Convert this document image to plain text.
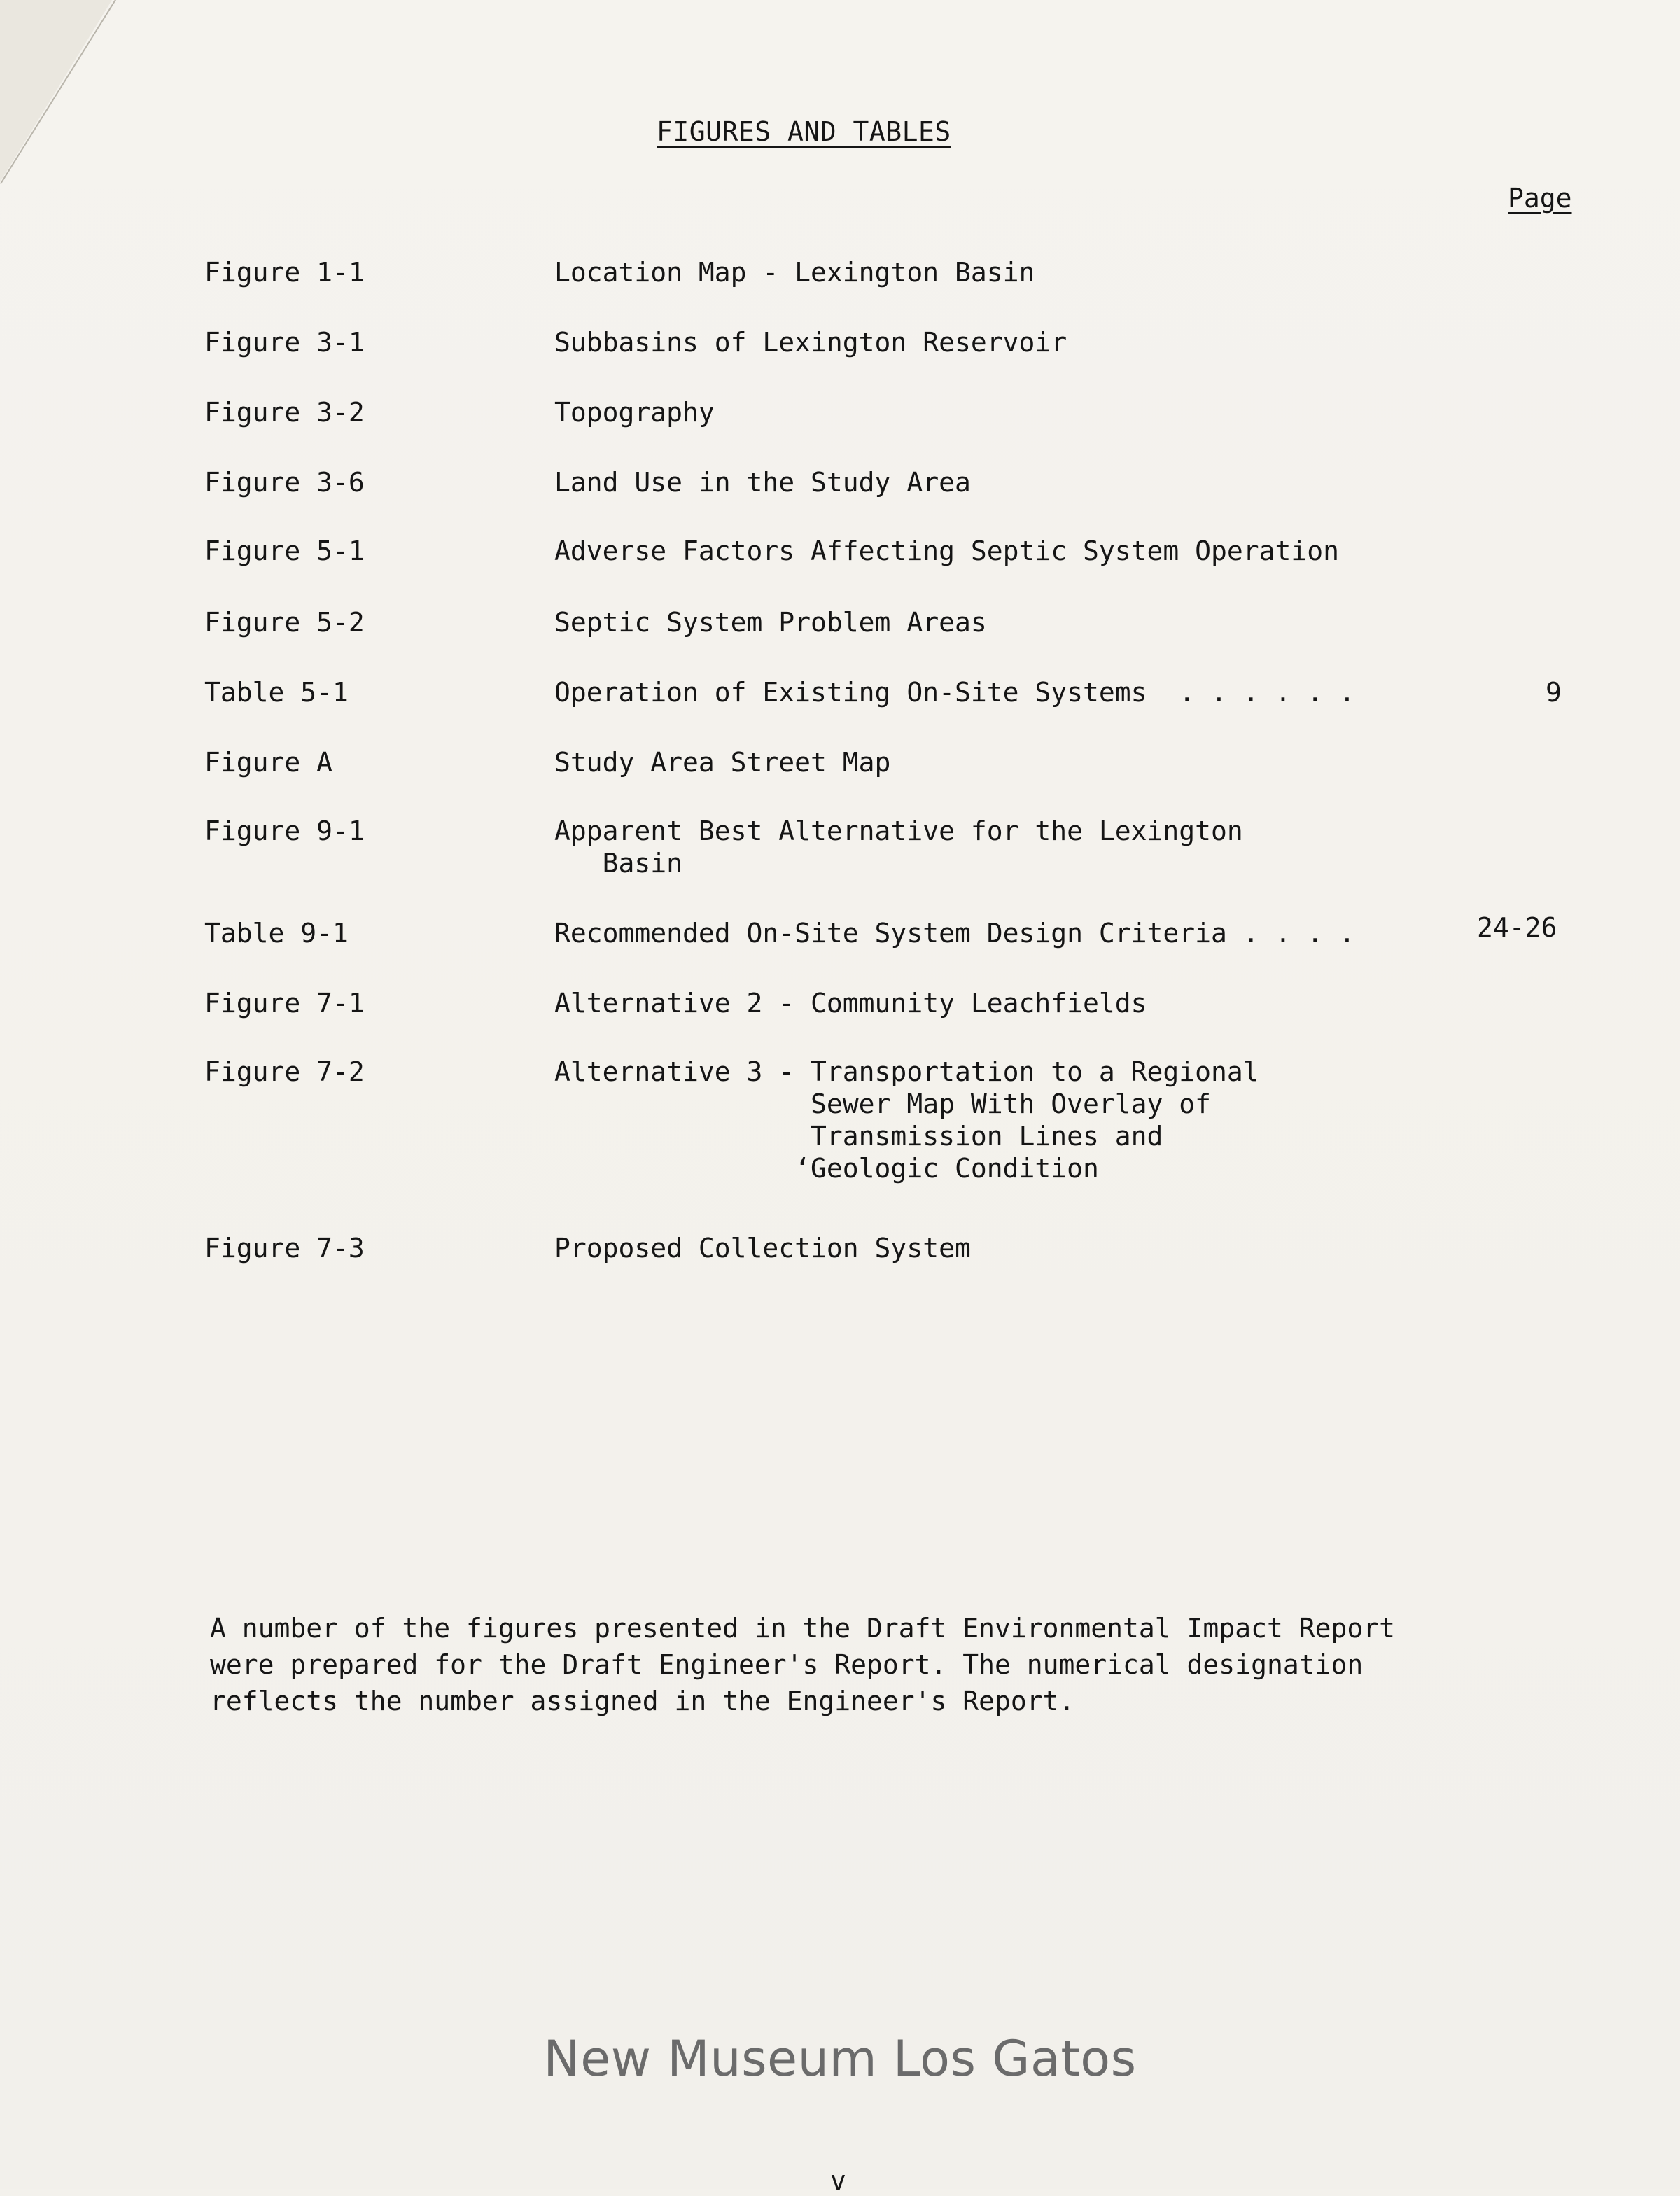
FIGURES AND TABLES
Page
Figure 1-1	Location Map - Lexington Basin
Figure 3-1	Subbasins of Lexington Reservoir
Figure 3-2	Topography
Figure 3-6	Land Use in the Study Area
Figure 5-1	Adverse Factors Affecting Septic System Operation
Figure 5-2	Septic System Problem Areas
Table 5-1	Operation of Existing On-Site Systems  . . . . . .	9
Figure A	Study Area Street Map
Figure 9-1	Apparent Best Alternative for the Lexington
Basin
Table 9-1	Recommended On-Site System Design Criteria . . . .	24-26
Figure 7-1	Alternative 2 - Community Leachfields
Figure 7-2	Alternative 3 - Transportation to a Regional
Sewer Map With Overlay of
Transmission Lines and
‘Geologic Condition
Figure 7-3	Proposed Collection System
A number of the figures presented in the Draft Environmental Impact Report
were prepared for the Draft Engineer's Report. The numerical designation
reflects the number assigned in the Engineer's Report.
New Museum Los Gatos
v
